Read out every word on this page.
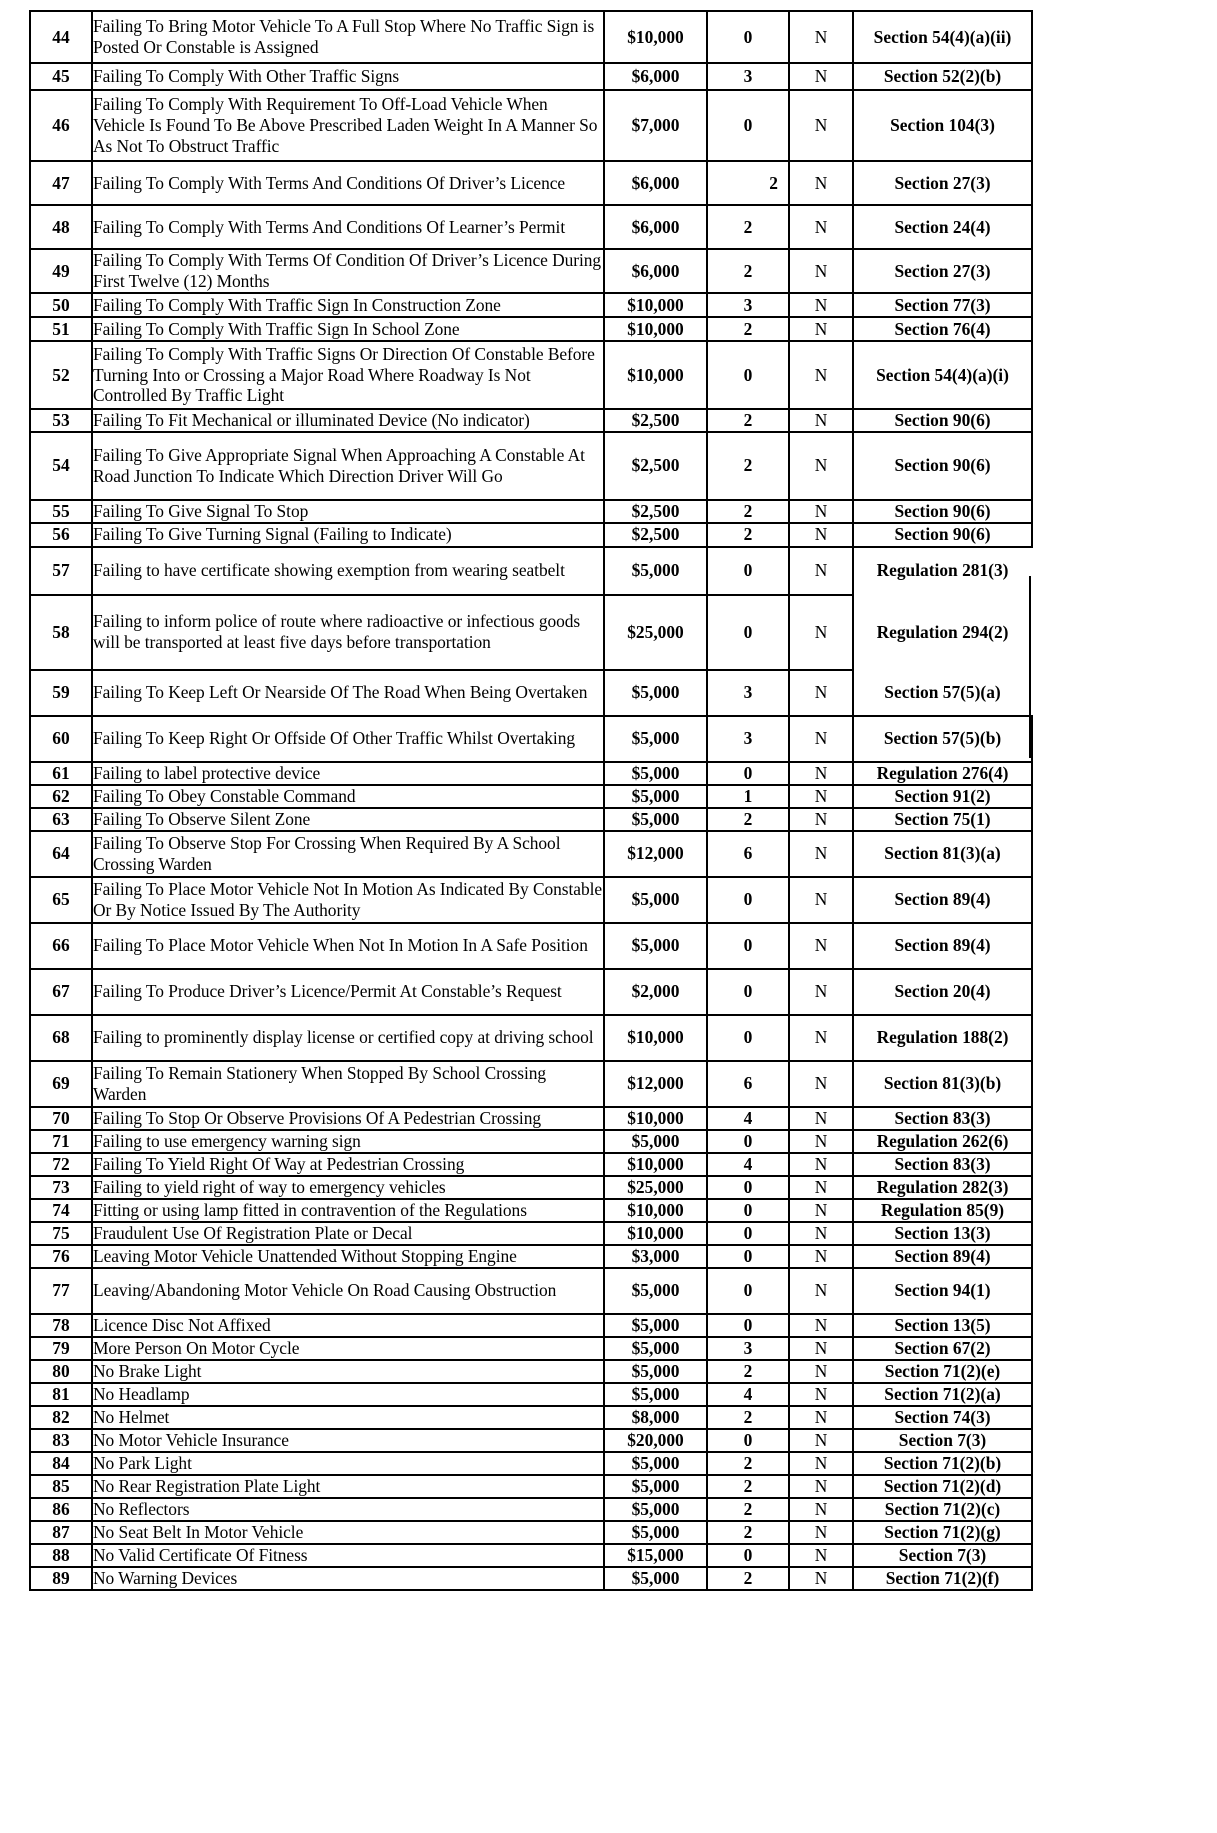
44	Failing To Bring Motor Vehicle To A Full Stop Where No Traffic Sign is Posted Or Constable is Assigned	$10,000	0	N	Section 54(4)(a)(ii)
45	Failing To Comply With Other Traffic Signs	$6,000	3	N	Section 52(2)(b)
46	Failing To Comply With Requirement To Off-Load Vehicle When Vehicle Is Found To Be Above Prescribed Laden Weight In A Manner So As Not To Obstruct Traffic	$7,000	0	N	Section 104(3)
47	Failing To Comply With Terms And Conditions Of Driver’s Licence	$6,000	2	N	Section 27(3)
48	Failing To Comply With Terms And Conditions Of Learner’s Permit	$6,000	2	N	Section 24(4)
49	Failing To Comply With Terms Of Condition Of Driver’s Licence During First Twelve (12) Months	$6,000	2	N	Section 27(3)
50	Failing To Comply With Traffic Sign In Construction Zone	$10,000	3	N	Section 77(3)
51	Failing To Comply With Traffic Sign In School Zone	$10,000	2	N	Section 76(4)
52	Failing To Comply With Traffic Signs Or Direction Of Constable Before Turning Into or Crossing a Major Road Where Roadway Is Not Controlled By Traffic Light	$10,000	0	N	Section 54(4)(a)(i)
53	Failing To Fit Mechanical or illuminated Device (No indicator)	$2,500	2	N	Section 90(6)
54	Failing To Give Appropriate Signal When Approaching A Constable At Road Junction To Indicate Which Direction Driver Will Go	$2,500	2	N	Section 90(6)
55	Failing To Give Signal To Stop	$2,500	2	N	Section 90(6)
56	Failing To Give Turning Signal (Failing to Indicate)	$2,500	2	N	Section 90(6)
57	Failing to have certificate showing exemption from wearing seatbelt	$5,000	0	N	Regulation 281(3)
58	Failing to inform police of route where radioactive or infectious goods will be transported at least five days before transportation	$25,000	0	N	Regulation 294(2)
59	Failing To Keep Left Or Nearside Of The Road When Being Overtaken	$5,000	3	N	Section 57(5)(a)
60	Failing To Keep Right Or Offside Of Other Traffic Whilst Overtaking	$5,000	3	N	Section 57(5)(b)
61	Failing to label protective device	$5,000	0	N	Regulation 276(4)
62	Failing To Obey Constable Command	$5,000	1	N	Section 91(2)
63	Failing To Observe Silent Zone	$5,000	2	N	Section 75(1)
64	Failing To Observe Stop For Crossing When Required By A School Crossing Warden	$12,000	6	N	Section 81(3)(a)
65	Failing To Place Motor Vehicle Not In Motion As Indicated By Constable Or By Notice Issued By The Authority	$5,000	0	N	Section 89(4)
66	Failing To Place Motor Vehicle When Not In Motion In A Safe Position	$5,000	0	N	Section 89(4)
67	Failing To Produce Driver’s Licence/Permit At Constable’s Request	$2,000	0	N	Section 20(4)
68	Failing to prominently display license or certified copy at driving school	$10,000	0	N	Regulation 188(2)
69	Failing To Remain Stationery When Stopped By School Crossing Warden	$12,000	6	N	Section 81(3)(b)
70	Failing To Stop Or Observe Provisions Of A Pedestrian Crossing	$10,000	4	N	Section 83(3)
71	Failing to use emergency warning sign	$5,000	0	N	Regulation 262(6)
72	Failing To Yield Right Of Way at Pedestrian Crossing	$10,000	4	N	Section 83(3)
73	Failing to yield right of way to emergency vehicles	$25,000	0	N	Regulation 282(3)
74	Fitting or using lamp fitted in contravention of the Regulations	$10,000	0	N	Regulation 85(9)
75	Fraudulent Use Of Registration Plate or Decal	$10,000	0	N	Section 13(3)
76	Leaving Motor Vehicle Unattended Without Stopping Engine	$3,000	0	N	Section 89(4)
77	Leaving/Abandoning Motor Vehicle On Road Causing Obstruction	$5,000	0	N	Section 94(1)
78	Licence Disc Not Affixed	$5,000	0	N	Section 13(5)
79	More Person On Motor Cycle	$5,000	3	N	Section 67(2)
80	No Brake Light	$5,000	2	N	Section 71(2)(e)
81	No Headlamp	$5,000	4	N	Section 71(2)(a)
82	No Helmet	$8,000	2	N	Section 74(3)
83	No Motor Vehicle Insurance	$20,000	0	N	Section 7(3)
84	No Park Light	$5,000	2	N	Section 71(2)(b)
85	No Rear Registration Plate Light	$5,000	2	N	Section 71(2)(d)
86	No Reflectors	$5,000	2	N	Section 71(2)(c)
87	No Seat Belt In Motor Vehicle	$5,000	2	N	Section 71(2)(g)
88	No Valid Certificate Of Fitness	$15,000	0	N	Section 7(3)
89	No Warning Devices	$5,000	2	N	Section 71(2)(f)
